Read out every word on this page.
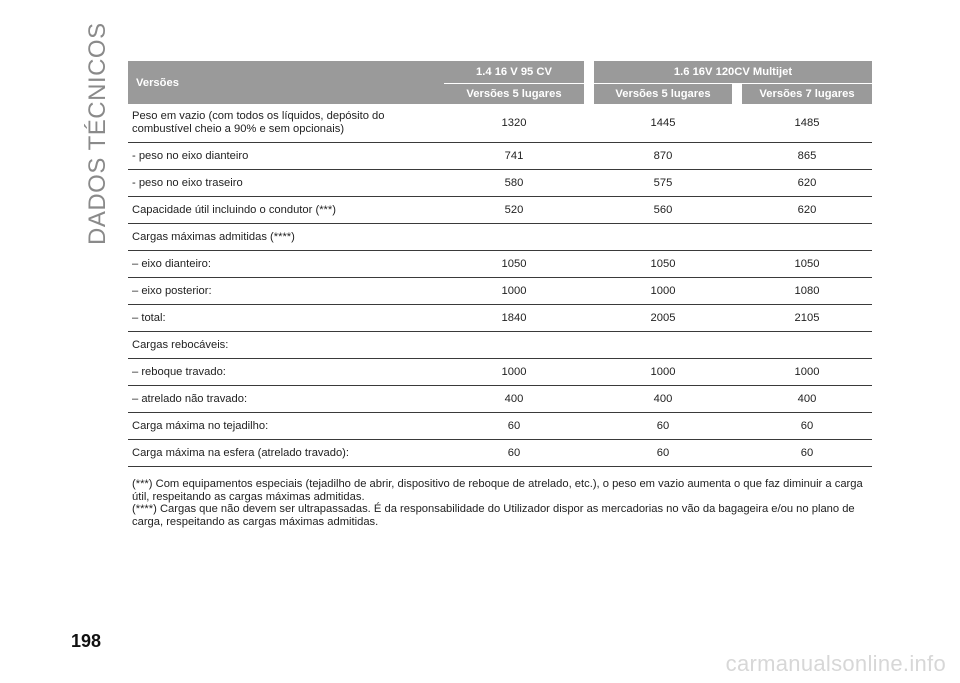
DADOS TÉCNICOS
198
Versões	1.4 16 V 95 CV		1.6 16V 120CV Multijet		
	Versões 5 lugares		Versões 5 lugares		Versões 7 lugares
Peso em vazio (com todos os líquidos, depósito do combustível cheio a 90% e sem opcionais)	1320		1445		1485
- peso no eixo dianteiro	741		870		865
- peso no eixo traseiro	580		575		620
Capacidade útil incluindo o condutor (***)	520		560		620
Cargas máximas admitidas (****)					
– eixo dianteiro:	1050		1050		1050
– eixo posterior:	1000		1000		1080
– total:	1840		2005		2105
Cargas rebocáveis:					
– reboque travado:	1000		1000		1000
– atrelado não travado:	400		400		400
Carga máxima no tejadilho:	60		60		60
Carga máxima na esfera (atrelado travado):	60		60		60

(***) Com equipamentos especiais (tejadilho de abrir, dispositivo de reboque de atrelado, etc.), o peso em vazio aumenta o que faz diminuir a carga útil, respeitando as cargas máximas admitidas.

(****) Cargas que não devem ser ultrapassadas. É da responsabilidade do Utilizador dispor as mercadorias no vão da bagageira e/ou no plano de carga, respeitando as cargas máximas admitidas.

carmanualsonline.info
